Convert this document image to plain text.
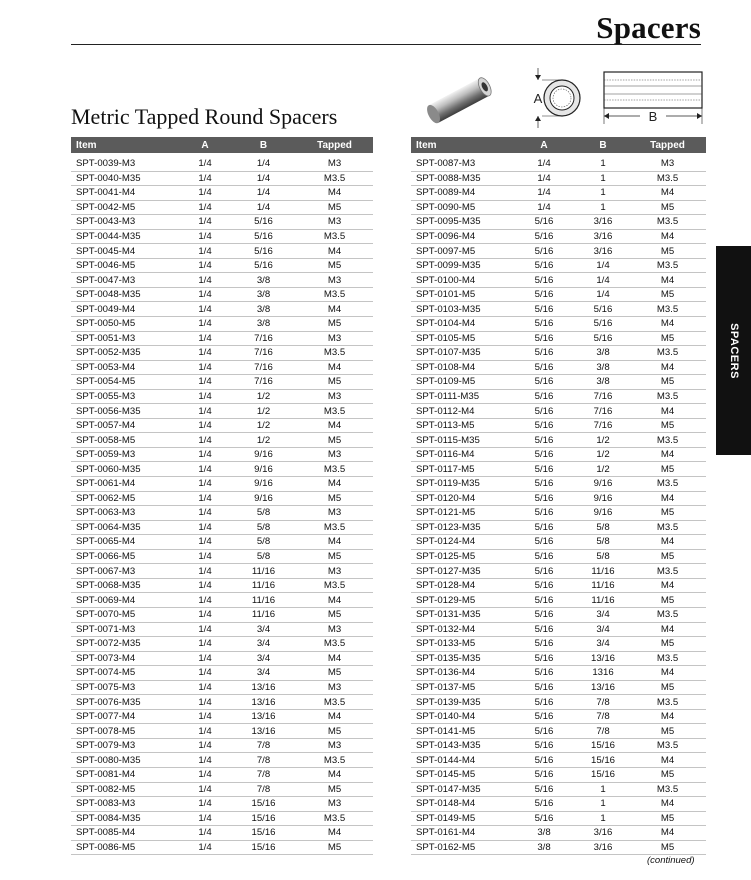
Spacers
Metric Tapped Round Spacers
A
B
SPACERS
Item	A	B	Tapped

SPT-0039-M3	1/4	1/4	M3
SPT-0040-M35	1/4	1/4	M3.5
SPT-0041-M4	1/4	1/4	M4
SPT-0042-M5	1/4	1/4	M5
SPT-0043-M3	1/4	5/16	M3
SPT-0044-M35	1/4	5/16	M3.5
SPT-0045-M4	1/4	5/16	M4
SPT-0046-M5	1/4	5/16	M5
SPT-0047-M3	1/4	3/8	M3
SPT-0048-M35	1/4	3/8	M3.5
SPT-0049-M4	1/4	3/8	M4
SPT-0050-M5	1/4	3/8	M5
SPT-0051-M3	1/4	7/16	M3
SPT-0052-M35	1/4	7/16	M3.5
SPT-0053-M4	1/4	7/16	M4
SPT-0054-M5	1/4	7/16	M5
SPT-0055-M3	1/4	1/2	M3
SPT-0056-M35	1/4	1/2	M3.5
SPT-0057-M4	1/4	1/2	M4
SPT-0058-M5	1/4	1/2	M5
SPT-0059-M3	1/4	9/16	M3
SPT-0060-M35	1/4	9/16	M3.5
SPT-0061-M4	1/4	9/16	M4
SPT-0062-M5	1/4	9/16	M5
SPT-0063-M3	1/4	5/8	M3
SPT-0064-M35	1/4	5/8	M3.5
SPT-0065-M4	1/4	5/8	M4
SPT-0066-M5	1/4	5/8	M5
SPT-0067-M3	1/4	11/16	M3
SPT-0068-M35	1/4	11/16	M3.5
SPT-0069-M4	1/4	11/16	M4
SPT-0070-M5	1/4	11/16	M5
SPT-0071-M3	1/4	3/4	M3
SPT-0072-M35	1/4	3/4	M3.5
SPT-0073-M4	1/4	3/4	M4
SPT-0074-M5	1/4	3/4	M5
SPT-0075-M3	1/4	13/16	M3
SPT-0076-M35	1/4	13/16	M3.5
SPT-0077-M4	1/4	13/16	M4
SPT-0078-M5	1/4	13/16	M5
SPT-0079-M3	1/4	7/8	M3
SPT-0080-M35	1/4	7/8	M3.5
SPT-0081-M4	1/4	7/8	M4
SPT-0082-M5	1/4	7/8	M5
SPT-0083-M3	1/4	15/16	M3
SPT-0084-M35	1/4	15/16	M3.5
SPT-0085-M4	1/4	15/16	M4
SPT-0086-M5	1/4	15/16	M5
Item	A	B	Tapped

SPT-0087-M3	1/4	1	M3
SPT-0088-M35	1/4	1	M3.5
SPT-0089-M4	1/4	1	M4
SPT-0090-M5	1/4	1	M5
SPT-0095-M35	5/16	3/16	M3.5
SPT-0096-M4	5/16	3/16	M4
SPT-0097-M5	5/16	3/16	M5
SPT-0099-M35	5/16	1/4	M3.5
SPT-0100-M4	5/16	1/4	M4
SPT-0101-M5	5/16	1/4	M5
SPT-0103-M35	5/16	5/16	M3.5
SPT-0104-M4	5/16	5/16	M4
SPT-0105-M5	5/16	5/16	M5
SPT-0107-M35	5/16	3/8	M3.5
SPT-0108-M4	5/16	3/8	M4
SPT-0109-M5	5/16	3/8	M5
SPT-0111-M35	5/16	7/16	M3.5
SPT-0112-M4	5/16	7/16	M4
SPT-0113-M5	5/16	7/16	M5
SPT-0115-M35	5/16	1/2	M3.5
SPT-0116-M4	5/16	1/2	M4
SPT-0117-M5	5/16	1/2	M5
SPT-0119-M35	5/16	9/16	M3.5
SPT-0120-M4	5/16	9/16	M4
SPT-0121-M5	5/16	9/16	M5
SPT-0123-M35	5/16	5/8	M3.5
SPT-0124-M4	5/16	5/8	M4
SPT-0125-M5	5/16	5/8	M5
SPT-0127-M35	5/16	11/16	M3.5
SPT-0128-M4	5/16	11/16	M4
SPT-0129-M5	5/16	11/16	M5
SPT-0131-M35	5/16	3/4	M3.5
SPT-0132-M4	5/16	3/4	M4
SPT-0133-M5	5/16	3/4	M5
SPT-0135-M35	5/16	13/16	M3.5
SPT-0136-M4	5/16	1316	M4
SPT-0137-M5	5/16	13/16	M5
SPT-0139-M35	5/16	7/8	M3.5
SPT-0140-M4	5/16	7/8	M4
SPT-0141-M5	5/16	7/8	M5
SPT-0143-M35	5/16	15/16	M3.5
SPT-0144-M4	5/16	15/16	M4
SPT-0145-M5	5/16	15/16	M5
SPT-0147-M35	5/16	1	M3.5
SPT-0148-M4	5/16	1	M4
SPT-0149-M5	5/16	1	M5
SPT-0161-M4	3/8	3/16	M4
SPT-0162-M5	3/8	3/16	M5
(continued)
